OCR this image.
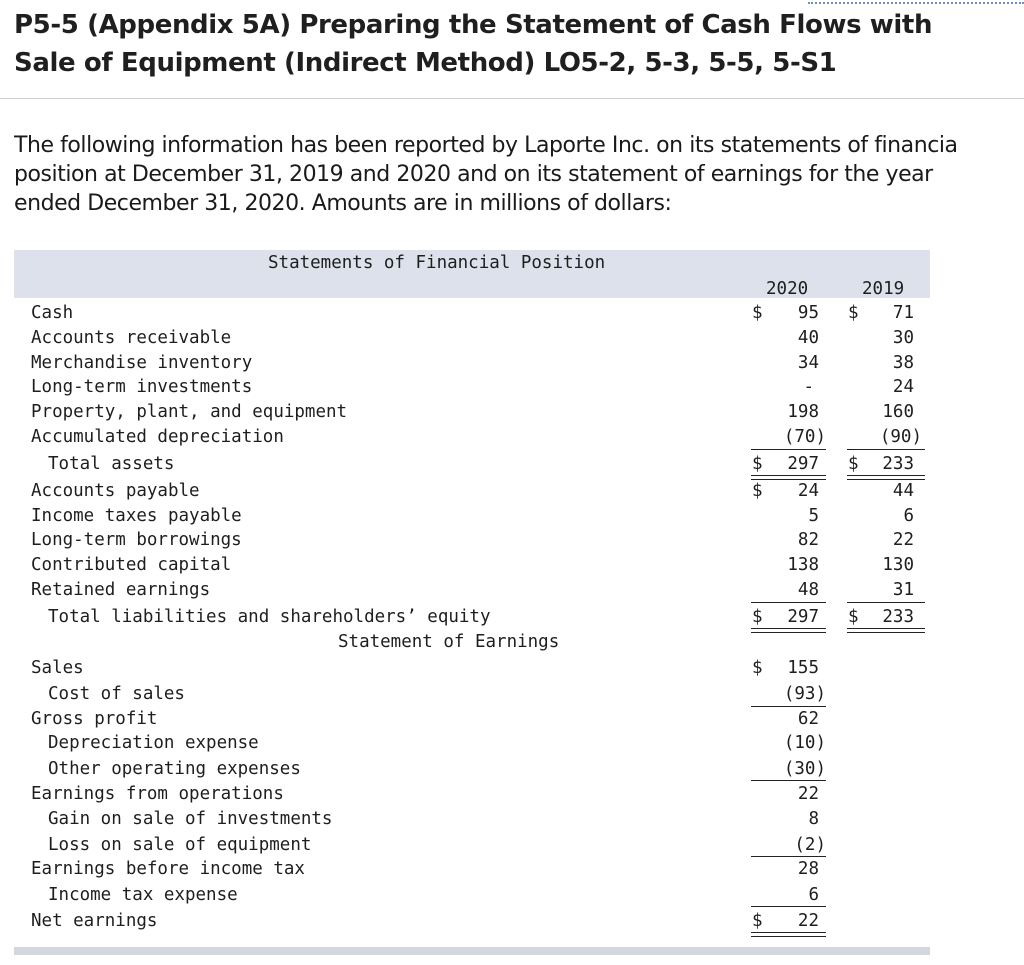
P5-5 (Appendix 5A) Preparing the Statement of Cash Flows with
Sale of Equipment (Indirect Method) LO5-2, 5-3, 5-5, 5-S1

The following information has been reported by Laporte Inc. on its statements of financia
position at December 31, 2019 and 2020 and on its statement of earnings for the year
ended December 31, 2020. Amounts are in millions of dollars:

Statements of Financial Position
2020	2019
Cash	$ 95 $ 71
Accounts receivable	40	30
Merchandise inventory	34	38
Long-term investments	-	24
Property, plant, and equipment	198	160
Accumulated depreciation	(70)	(90)
Total assets	$ 297 $ 233
Accounts payable	$ 24	44
Income taxes payable	5	6
Long-term borrowings	82	22
Contributed capital	138	130
Retained earnings	48	31
Total liabilities and shareholders’ equity	$ 297 $ 233
Statement of Earnings
Sales	$ 155
Cost of sales	(93)
Gross profit	62
Depreciation expense	(10)
Other operating expenses	(30)
Earnings from operations	22
Gain on sale of investments	8
Loss on sale of equipment	(2)
Earnings before income tax	28
Income tax expense	6
Net earnings	$ 22
